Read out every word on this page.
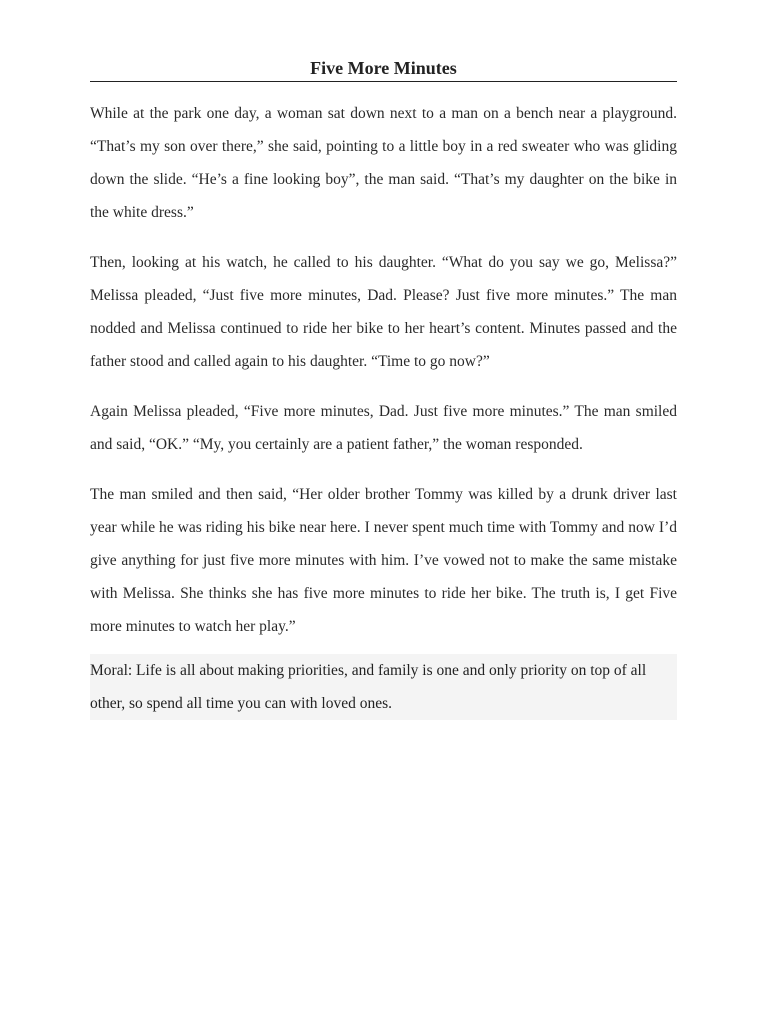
Five More Minutes

While at the park one day, a woman sat down next to a man on a bench near a playground. “That’s my son over there,” she said, pointing to a little boy in a red sweater who was gliding down the slide. “He’s a fine looking boy”, the man said. “That’s my daughter on the bike in the white dress.”

Then, looking at his watch, he called to his daughter. “What do you say we go, Melissa?” Melissa pleaded, “Just five more minutes, Dad. Please? Just five more minutes.” The man nodded and Melissa continued to ride her bike to her heart’s content. Minutes passed and the father stood and called again to his daughter. “Time to go now?”

Again Melissa pleaded, “Five more minutes, Dad. Just five more minutes.” The man smiled and said, “OK.” “My, you certainly are a patient father,” the woman responded.

The man smiled and then said, “Her older brother Tommy was killed by a drunk driver last year while he was riding his bike near here. I never spent much time with Tommy and now I’d give anything for just five more minutes with him. I’ve vowed not to make the same mistake with Melissa. She thinks she has five more minutes to ride her bike. The truth is, I get Five more minutes to watch her play.”

Moral: Life is all about making priorities, and family is one and only priority on top of all other, so spend all time you can with loved ones.
